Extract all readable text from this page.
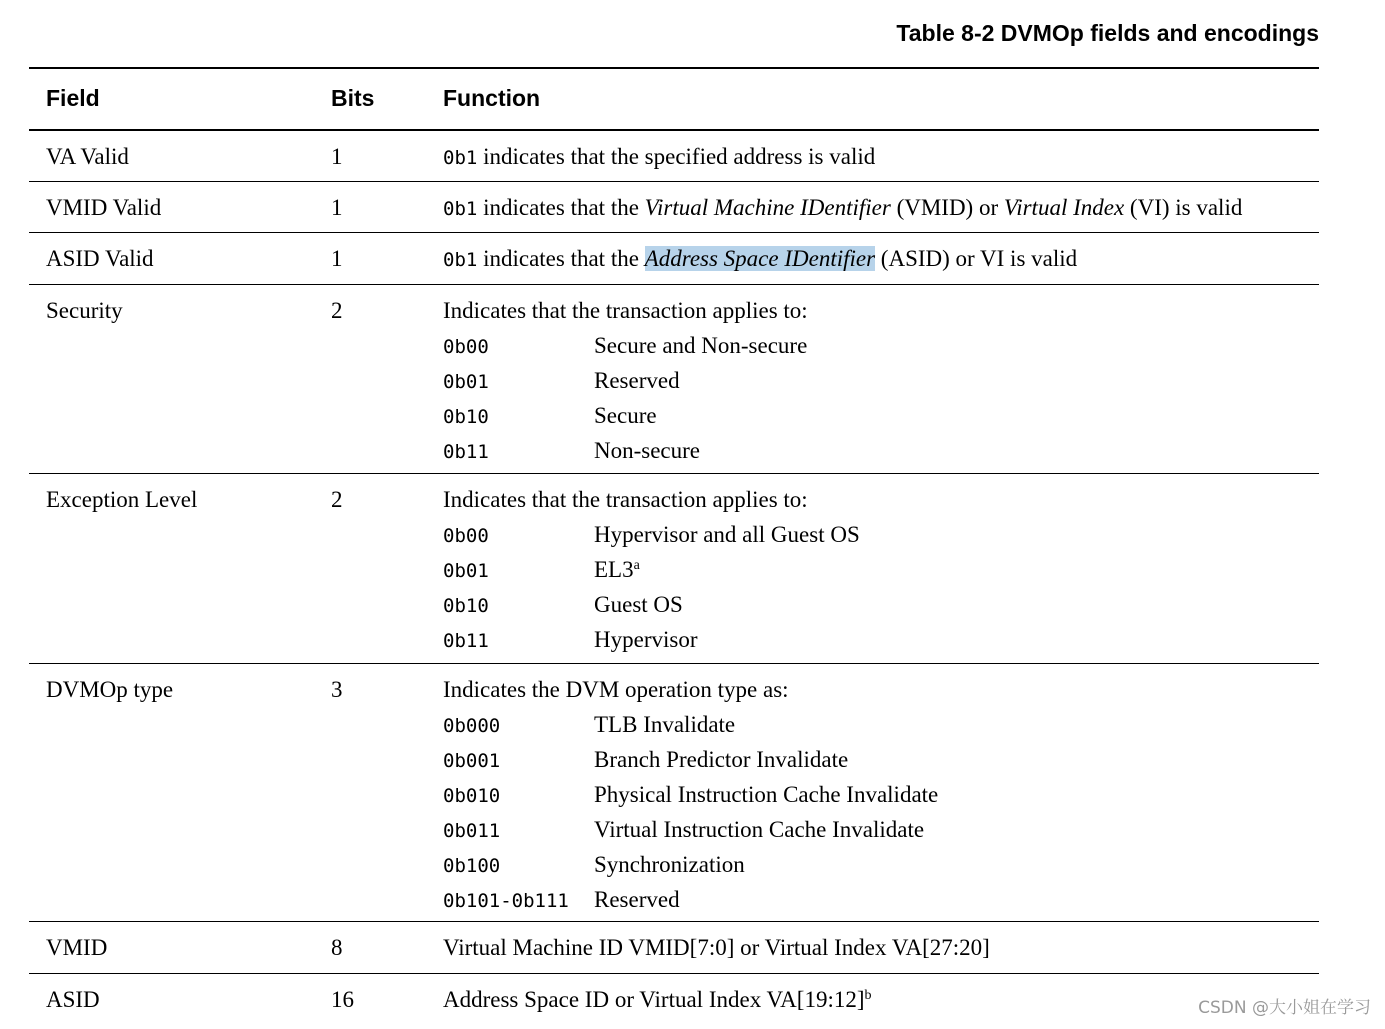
Table 8-2 DVMOp fields and encodings
Field	Bits	Function
VA Valid	1	0b1 indicates that the specified address is valid
VMID Valid	1	0b1 indicates that the Virtual Machine IDentifier (VMID) or Virtual Index (VI) is valid
ASID Valid	1	0b1 indicates that the Address Space IDentifier (ASID) or VI is valid
Security	2	Indicates that the transaction applies to:
0b00	Secure and Non-secure
0b01	Reserved
0b10	Secure
0b11	Non-secure
Exception Level	2	Indicates that the transaction applies to:
0b00	Hypervisor and all Guest OS
0b01	EL3$^a$
0b10	Guest OS
0b11	Hypervisor
DVMOp type	3	Indicates the DVM operation type as:
0b000	TLB Invalidate
0b001	Branch Predictor Invalidate
0b010	Physical Instruction Cache Invalidate
0b011	Virtual Instruction Cache Invalidate
0b100	Synchronization
0b101-0b111 Reserved
VMID	8	Virtual Machine ID VMID[7:0] or Virtual Index VA[27:20]
ASID	16	Address Space ID or Virtual Index VA[19:12]$^b$
CSDN @大小姐在学习
